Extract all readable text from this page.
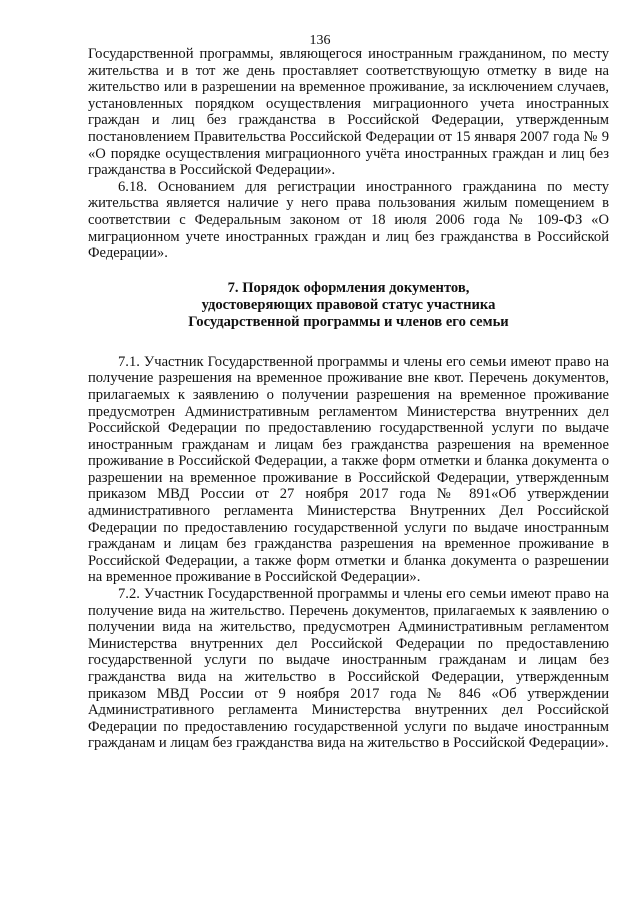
136

Государственной программы, являющегося иностранным гражданином, по месту жительства и в тот же день проставляет соответствующую отметку в виде на жительство или в разрешении на временное проживание, за исключением случаев, установленных порядком осуществления миграционного учета иностранных граждан и лиц без гражданства в Российской Федерации, утвержденным постановлением Правительства Российской Федерации от 15 января 2007 года № 9 «О порядке осуществления миграционного учёта иностранных граждан и лиц без гражданства в Российской Федерации».

6.18. Основанием для регистрации иностранного гражданина по месту жительства является наличие у него права пользования жилым помещением в соответствии с Федеральным законом от 18 июля 2006 года № 109-ФЗ «О миграционном учете иностранных граждан и лиц без гражданства в Российской Федерации».

7. Порядок оформления документов,
удостоверяющих правовой статус участника
Государственной программы и членов его семьи

7.1. Участник Государственной программы и члены его семьи имеют право на получение разрешения на временное проживание вне квот. Перечень документов, прилагаемых к заявлению о получении разрешения на временное проживание предусмотрен Административным регламентом Министерства внутренних дел Российской Федерации по предоставлению государственной услуги по выдаче иностранным гражданам и лицам без гражданства разрешения на временное проживание в Российской Федерации, а также форм отметки и бланка документа о разрешении на временное проживание в Российской Федерации, утвержденным приказом МВД России от 27 ноября 2017 года № 891«Об утверждении административного регламента Министерства Внутренних Дел Российской Федерации по предоставлению государственной услуги по выдаче иностранным гражданам и лицам без гражданства разрешения на временное проживание в Российской Федерации, а также форм отметки и бланка документа о разрешении на временное проживание в Российской Федерации».

7.2. Участник Государственной программы и члены его семьи имеют право на получение вида на жительство. Перечень документов, прилагаемых к заявлению о получении вида на жительство, предусмотрен Административным регламентом Министерства внутренних дел Российской Федерации по предоставлению государственной услуги по выдаче иностранным гражданам и лицам без гражданства вида на жительство в Российской Федерации, утвержденным приказом МВД России от 9 ноября 2017 года № 846 «Об утверждении Административного регламента Министерства внутренних дел Российской Федерации по предоставлению государственной услуги по выдаче иностранным гражданам и лицам без гражданства вида на жительство в Российской Федерации».
